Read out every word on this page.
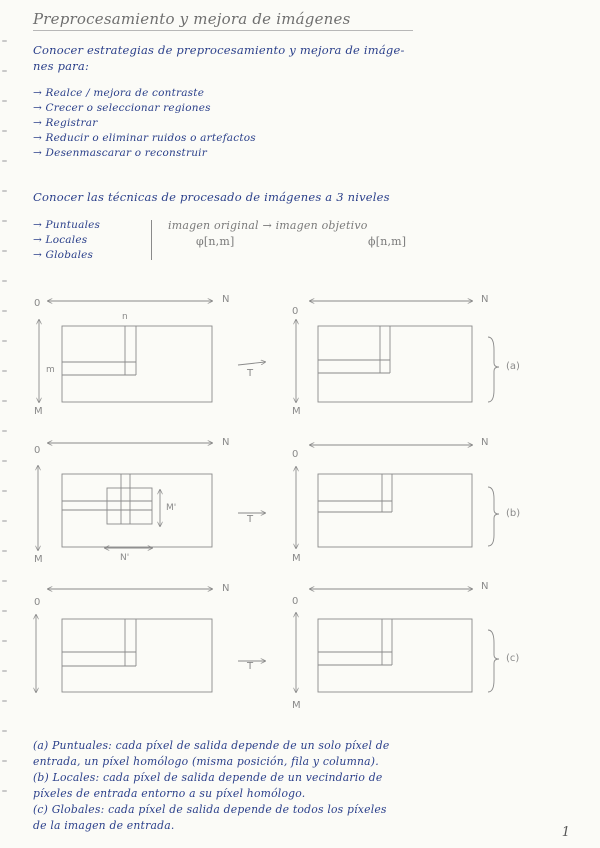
Preprocesamiento y mejora de imágenes
Conocer estrategias de preprocesamiento y mejora de imáge-
nes para:
→ Realce / mejora de contraste
→ Crecer o seleccionar regiones
→ Registrar
→ Reducir o eliminar ruidos o artefactos
→ Desenmascarar o reconstruir
Conocer las técnicas de procesado de imágenes a 3 niveles
→ Puntuales
→ Locales
→ Globales
imagen original → imagen objetivo
φ[n,m]	ϕ[n,m]
0	N
M
n
m	T
0
N
M
(a)
0
N
M
M'
N'
T
0
N
M
(b)
0
N
T
0
N
M
(c)
(a) Puntuales: cada píxel de salida depende de un solo píxel de
entrada, un píxel homólogo (misma posición, fila y columna).
(b) Locales: cada píxel de salida depende de un vecindario de
píxeles de entrada entorno a su píxel homólogo.
(c) Globales: cada píxel de salida depende de todos los píxeles
de la imagen de entrada.	1
